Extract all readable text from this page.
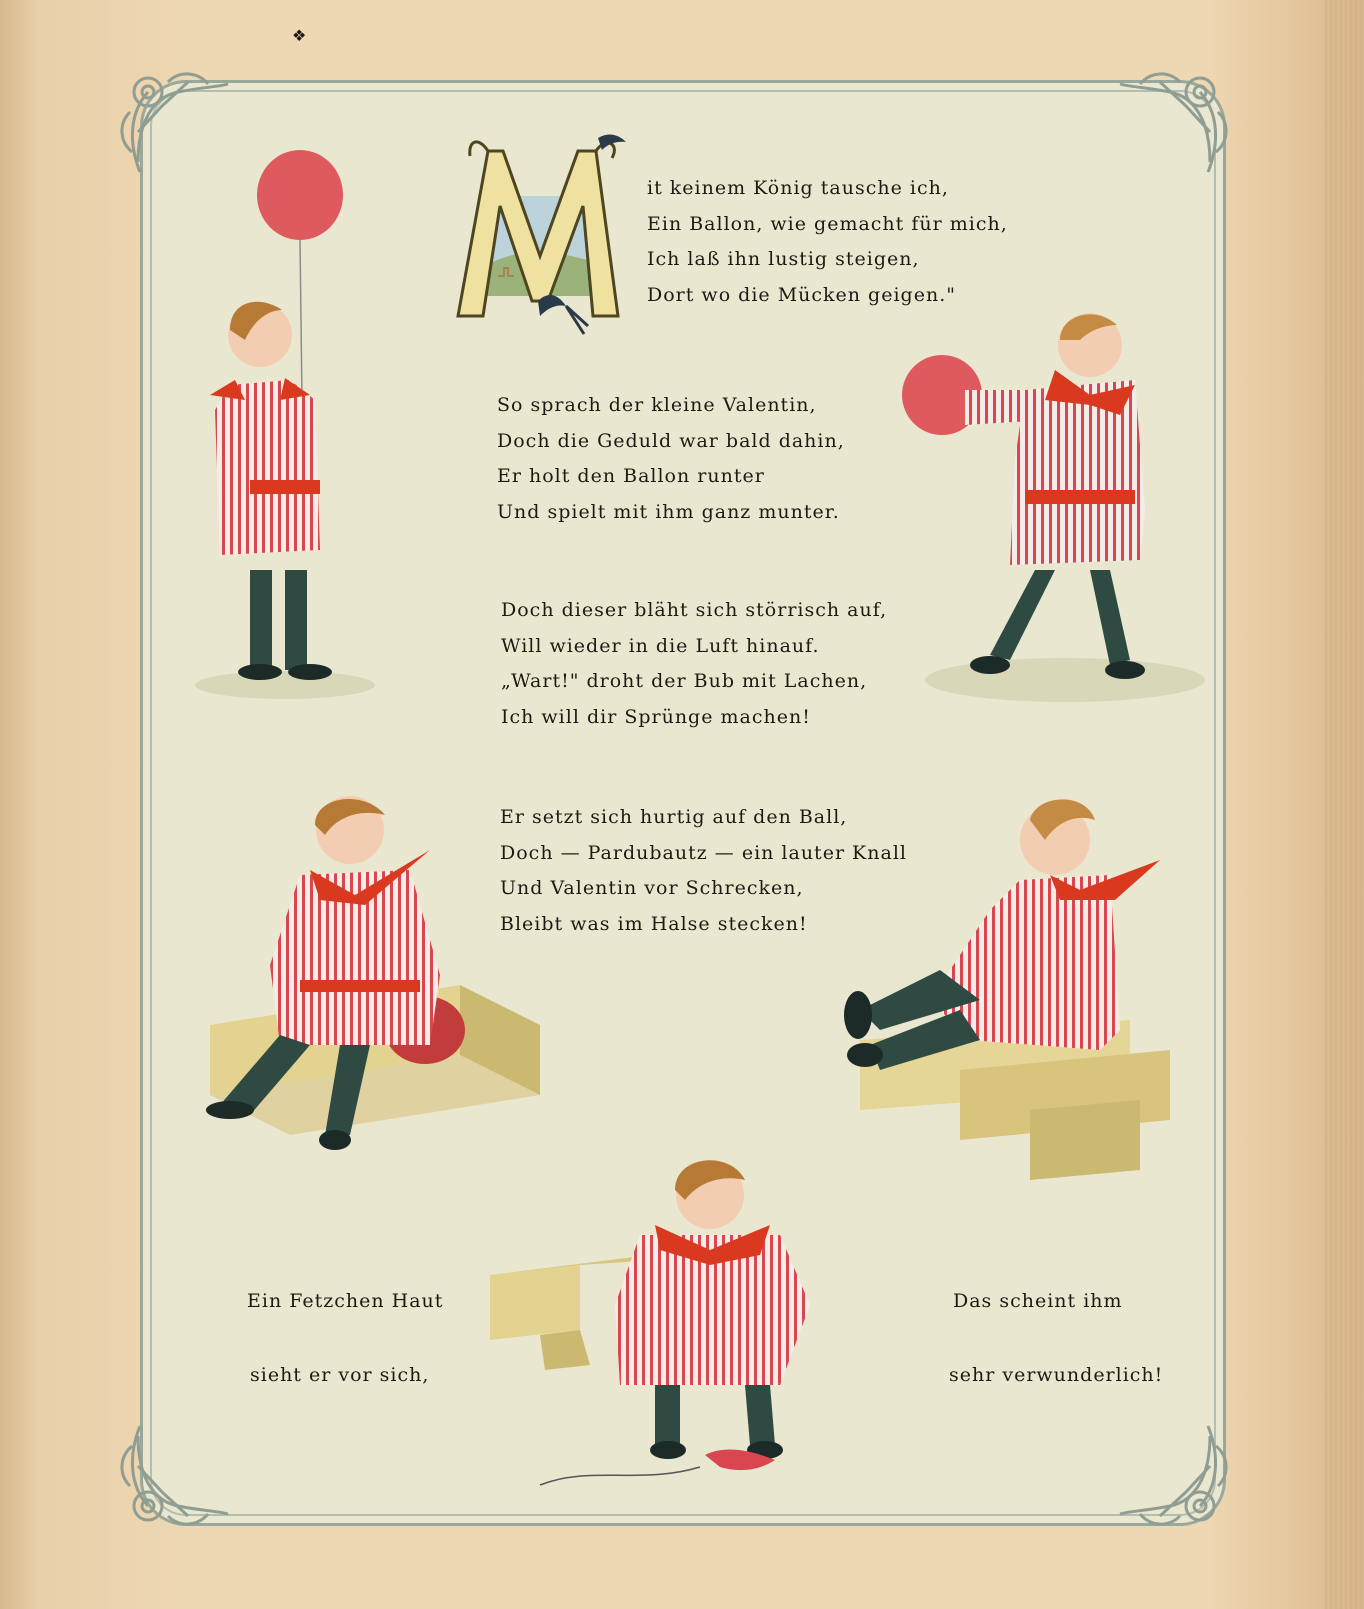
❖
it keinem König tausche ich,
Ein Ballon, wie gemacht für mich,
Ich laß ihn lustig steigen,
Dort wo die Mücken geigen."
So sprach der kleine Valentin,
Doch die Geduld war bald dahin,
Er holt den Ballon runter
Und spielt mit ihm ganz munter.
Doch dieser bläht sich störrisch auf,
Will wieder in die Luft hinauf.
„Wart!" droht der Bub mit Lachen,
Ich will dir Sprünge machen!
Er setzt sich hurtig auf den Ball,
Doch — Pardubautz — ein lauter Knall
Und Valentin vor Schrecken,
Bleibt was im Halse stecken!
Ein Fetzchen Haut
sieht er vor sich,
Das scheint ihm
sehr verwunderlich!
